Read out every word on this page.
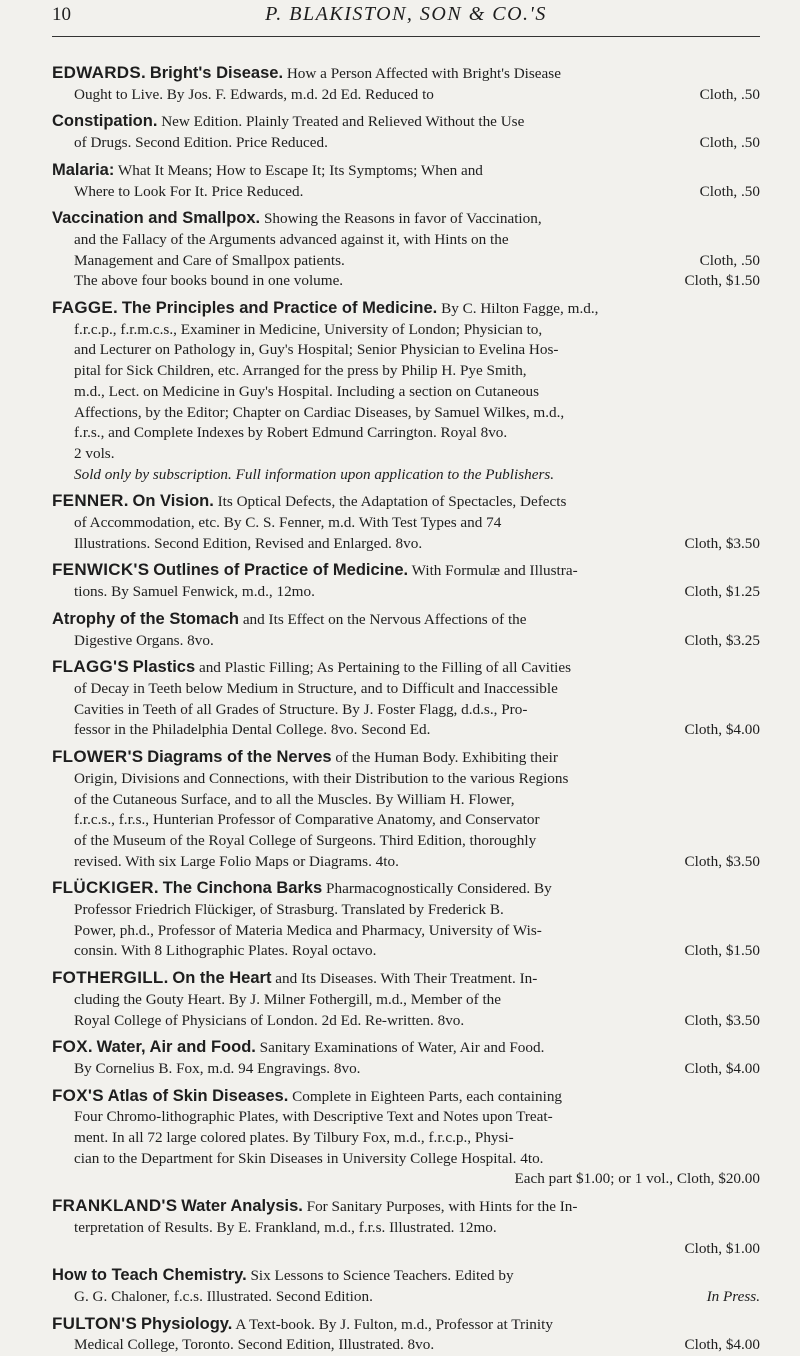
10	P. BLAKISTON, SON & CO.'S
EDWARDS. Bright's Disease. How a Person Affected with Bright's Disease
Cloth, .50
Ought to Live. By Jos. F. Edwards, m.d. 2d Ed. Reduced to
Constipation. New Edition. Plainly Treated and Relieved Without the Use
Cloth, .50
of Drugs. Second Edition. Price Reduced.
Malaria: What It Means; How to Escape It; Its Symptoms; When and
Cloth, .50
Where to Look For It. Price Reduced.
Vaccination and Smallpox. Showing the Reasons in favor of Vaccination,
and the Fallacy of the Arguments advanced against it, with Hints on the
Cloth, .50
Management and Care of Smallpox patients.
Cloth, $1.50
The above four books bound in one volume.
FAGGE. The Principles and Practice of Medicine. By C. Hilton Fagge, m.d.,
f.r.c.p., f.r.m.c.s., Examiner in Medicine, University of London; Physician to,
and Lecturer on Pathology in, Guy's Hospital; Senior Physician to Evelina Hos-
pital for Sick Children, etc. Arranged for the press by Philip H. Pye Smith,
m.d., Lect. on Medicine in Guy's Hospital. Including a section on Cutaneous
Affections, by the Editor; Chapter on Cardiac Diseases, by Samuel Wilkes, m.d.,
f.r.s., and Complete Indexes by Robert Edmund Carrington. Royal 8vo.
2 vols.
Sold only by subscription. Full information upon application to the Publishers.
FENNER. On Vision. Its Optical Defects, the Adaptation of Spectacles, Defects
of Accommodation, etc. By C. S. Fenner, m.d. With Test Types and 74
Cloth, $3.50
Illustrations. Second Edition, Revised and Enlarged. 8vo.
FENWICK'S Outlines of Practice of Medicine. With Formulæ and Illustra-
Cloth, $1.25
tions. By Samuel Fenwick, m.d., 12mo.
Atrophy of the Stomach and Its Effect on the Nervous Affections of the
Cloth, $3.25
Digestive Organs. 8vo.
FLAGG'S Plastics and Plastic Filling; As Pertaining to the Filling of all Cavities
of Decay in Teeth below Medium in Structure, and to Difficult and Inaccessible
Cavities in Teeth of all Grades of Structure. By J. Foster Flagg, d.d.s., Pro-
Cloth, $4.00
fessor in the Philadelphia Dental College. 8vo. Second Ed.
FLOWER'S Diagrams of the Nerves of the Human Body. Exhibiting their
Origin, Divisions and Connections, with their Distribution to the various Regions
of the Cutaneous Surface, and to all the Muscles. By William H. Flower,
f.r.c.s., f.r.s., Hunterian Professor of Comparative Anatomy, and Conservator
of the Museum of the Royal College of Surgeons. Third Edition, thoroughly
Cloth, $3.50
revised. With six Large Folio Maps or Diagrams. 4to.
FLÜCKIGER. The Cinchona Barks Pharmacognostically Considered. By
Professor Friedrich Flückiger, of Strasburg. Translated by Frederick B.
Power, ph.d., Professor of Materia Medica and Pharmacy, University of Wis-
Cloth, $1.50
consin. With 8 Lithographic Plates. Royal octavo.
FOTHERGILL. On the Heart and Its Diseases. With Their Treatment. In-
cluding the Gouty Heart. By J. Milner Fothergill, m.d., Member of the
Cloth, $3.50
Royal College of Physicians of London. 2d Ed. Re-written. 8vo.
FOX. Water, Air and Food. Sanitary Examinations of Water, Air and Food.
Cloth, $4.00
By Cornelius B. Fox, m.d. 94 Engravings. 8vo.
FOX'S Atlas of Skin Diseases. Complete in Eighteen Parts, each containing
Four Chromo-lithographic Plates, with Descriptive Text and Notes upon Treat-
ment. In all 72 large colored plates. By Tilbury Fox, m.d., f.r.c.p., Physi-
cian to the Department for Skin Diseases in University College Hospital. 4to.
Each part $1.00; or 1 vol., Cloth, $20.00
FRANKLAND'S Water Analysis. For Sanitary Purposes, with Hints for the In-
terpretation of Results. By E. Frankland, m.d., f.r.s. Illustrated. 12mo.
Cloth, $1.00
How to Teach Chemistry. Six Lessons to Science Teachers. Edited by
In Press.
G. G. Chaloner, f.c.s. Illustrated. Second Edition.
FULTON'S Physiology. A Text-book. By J. Fulton, m.d., Professor at Trinity
Cloth, $4.00
Medical College, Toronto. Second Edition, Illustrated. 8vo.
